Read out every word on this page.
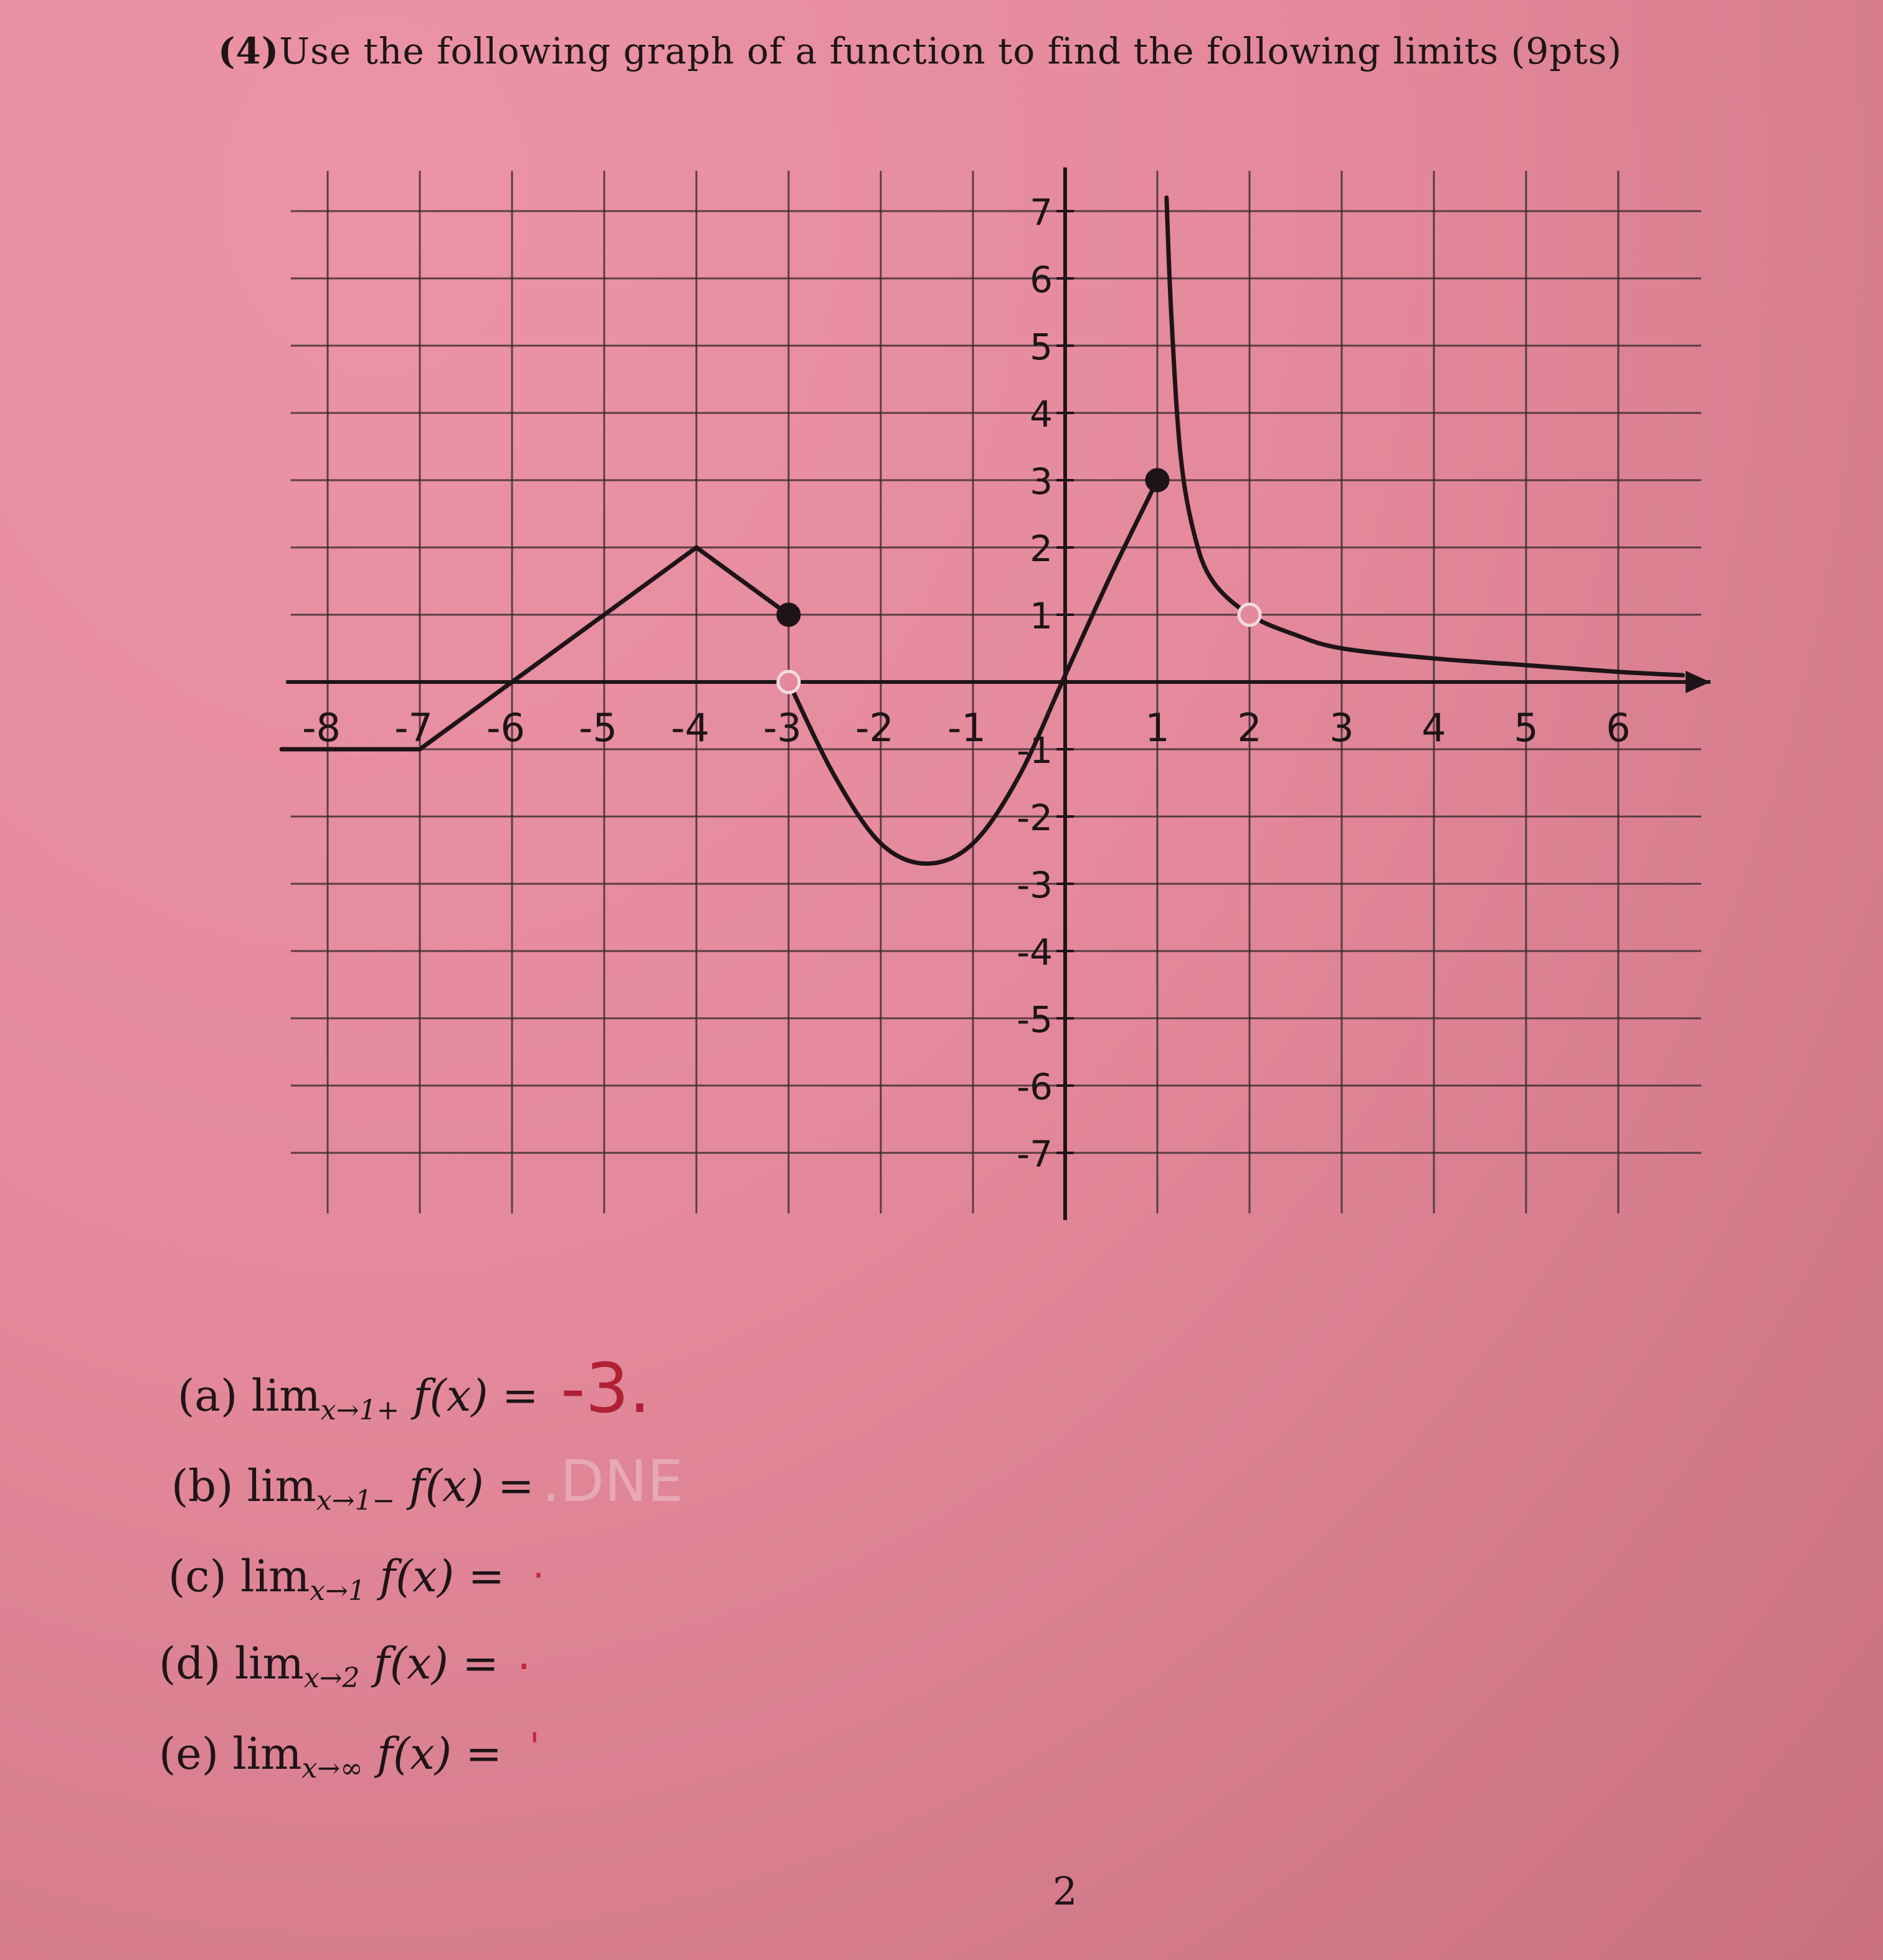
(4)Use the following graph of a function to find the following limits (9pts)
-8 -7 -6 -5 -4 -3 -2 -1	1 2 3 4 5 6
7
6
5
4
3
2
1
-1
-2
-3
-4
-5
-6
-7
(a) $\lim_{x\to 1+} f(x) = -3$.
(b) $\lim_{x\to 1-} f(x) = .DNE$
(c) $\lim_{x\to 1} f(x)$ = ·
(d) $\lim_{x\to 2} f(x)$ = .
(e) $\lim_{x\to\infty} f(x)$ = '
2
